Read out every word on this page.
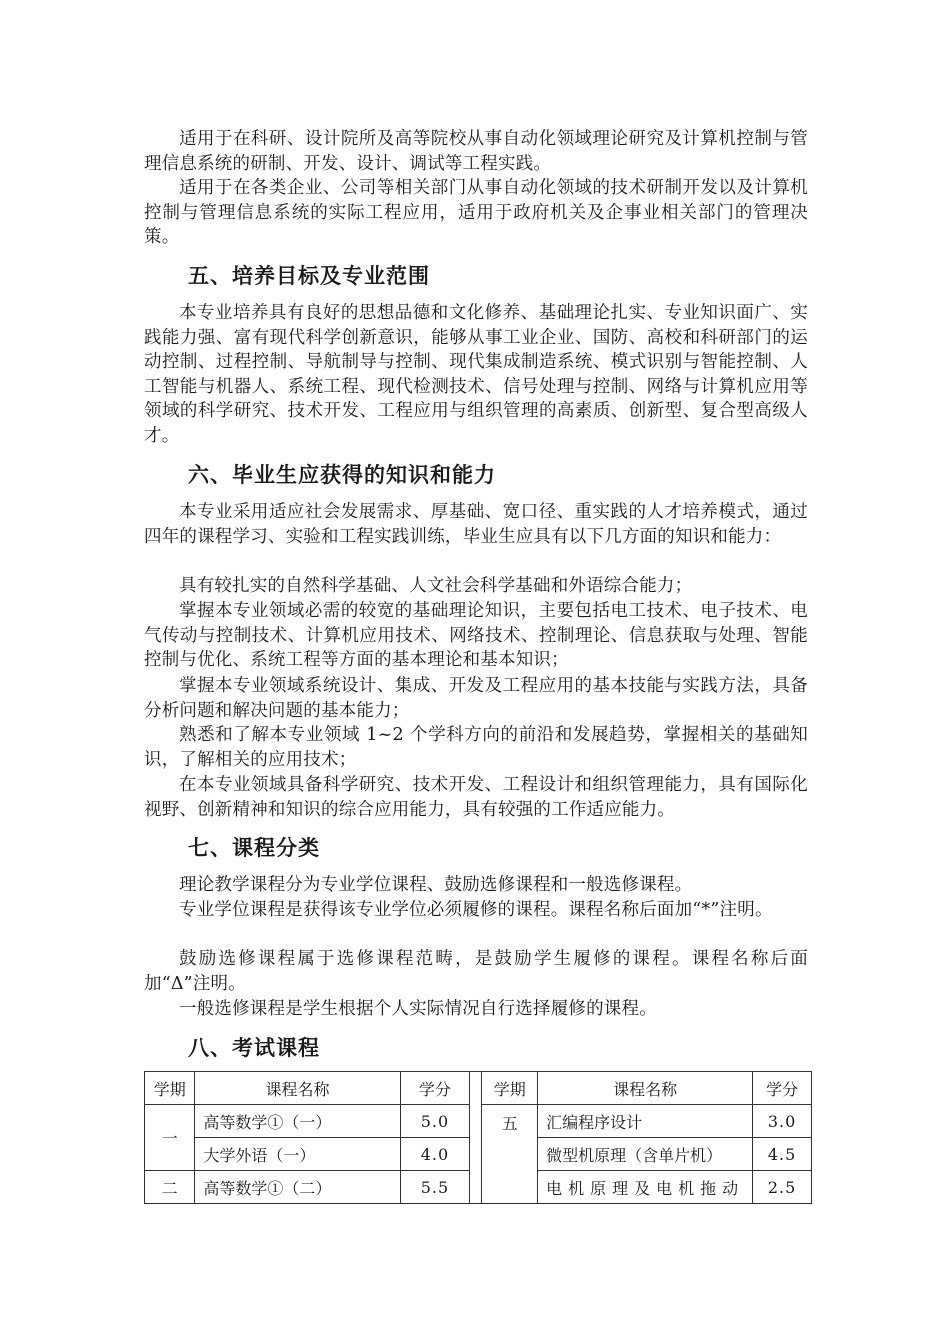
适用于在科研、设计院所及高等院校从事自动化领域理论研究及计算机控制与管理信息系统的研制、开发、设计、调试等工程实践。

适用于在各类企业、公司等相关部门从事自动化领域的技术研制开发以及计算机控制与管理信息系统的实际工程应用，适用于政府机关及企事业相关部门的管理决策。

五、培养目标及专业范围

本专业培养具有良好的思想品德和文化修养、基础理论扎实、专业知识面广、实践能力强、富有现代科学创新意识，能够从事工业企业、国防、高校和科研部门的运动控制、过程控制、导航制导与控制、现代集成制造系统、模式识别与智能控制、人工智能与机器人、系统工程、现代检测技术、信号处理与控制、网络与计算机应用等领域的科学研究、技术开发、工程应用与组织管理的高素质、创新型、复合型高级人才。

六、毕业生应获得的知识和能力

本专业采用适应社会发展需求、厚基础、宽口径、重实践的人才培养模式，通过四年的课程学习、实验和工程实践训练，毕业生应具有以下几方面的知识和能力：

具有较扎实的自然科学基础、人文社会科学基础和外语综合能力；

掌握本专业领域必需的较宽的基础理论知识，主要包括电工技术、电子技术、电气传动与控制技术、计算机应用技术、网络技术、控制理论、信息获取与处理、智能控制与优化、系统工程等方面的基本理论和基本知识；

掌握本专业领域系统设计、集成、开发及工程应用的基本技能与实践方法，具备分析问题和解决问题的基本能力；

熟悉和了解本专业领域 1~2 个学科方向的前沿和发展趋势，掌握相关的基础知识，了解相关的应用技术；

在本专业领域具备科学研究、技术开发、工程设计和组织管理能力，具有国际化视野、创新精神和知识的综合应用能力，具有较强的工作适应能力。

七、课程分类

理论教学课程分为专业学位课程、鼓励选修课程和一般选修课程。

专业学位课程是获得该专业学位必须履修的课程。课程名称后面加“*”注明。

鼓励选修课程属于选修课程范畴，是鼓励学生履修的课程。课程名称后面加“Δ”注明。

一般选修课程是学生根据个人实际情况自行选择履修的课程。

八、考试课程
学期	课程名称	学分		学期	课程名称	学分
一	高等数学①（一）	5.0		五	汇编程序设计	3.0
	大学外语（一）	4.0			微型机原理（含单片机）	4.5
二	高等数学①（二）	5.5			电机原理及电机拖动	2.5
